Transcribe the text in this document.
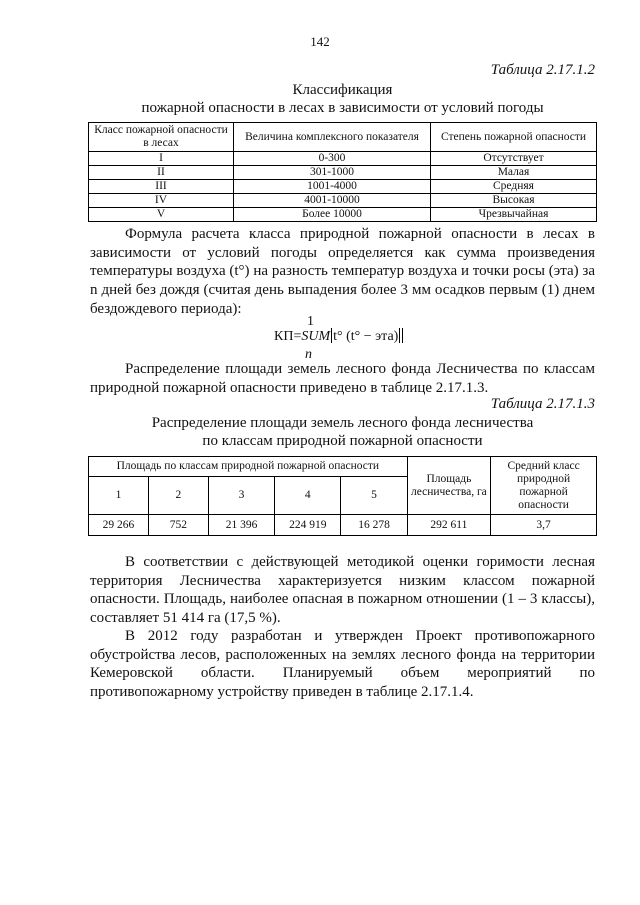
142
Таблица 2.17.1.2
Классификация
пожарной опасности в лесах в зависимости от условий погоды
Класс пожарной опасности в лесах	Величина комплексного показателя	Степень пожарной опасности
I	0-300	Отсутствует
II	301-1000	Малая
III	1001-4000	Средняя
IV	4001-10000	Высокая
V	Более 10000	Чрезвычайная
Формула расчета класса природной пожарной опасности в лесах в зависимости от условий погоды определяется как сумма произведения температуры воздуха (t°) на разность температур воздуха и точки росы (эта) за n дней без дождя (считая день выпадения более 3 мм осадков первым (1) днем бездождевого периода):
1
КП=SUM t° (t° − эта)
n
Распределение площади земель лесного фонда Лесничества по классам природной пожарной опасности приведено в таблице 2.17.1.3.
Таблица 2.17.1.3
Распределение площади земель лесного фонда лесничества
по классам природной пожарной опасности
Площадь по классам природной пожарной опасности					Площадь лесничества, га	Средний класс природной пожарной опасности
1	2	3	4	5		
29 266	752	21 396	224 919	16 278	292 611	3,7
В соответствии с действующей методикой оценки горимости лесная территория Лесничества характеризуется низким классом пожарной опасности. Площадь, наиболее опасная в пожарном отношении (1 – 3 классы), составляет 51 414 га (17,5 %).
В 2012 году разработан и утвержден Проект противопожарного обустройства лесов, расположенных на землях лесного фонда на территории Кемеровской области. Планируемый объем мероприятий по противопожарному устройству приведен в таблице 2.17.1.4.
